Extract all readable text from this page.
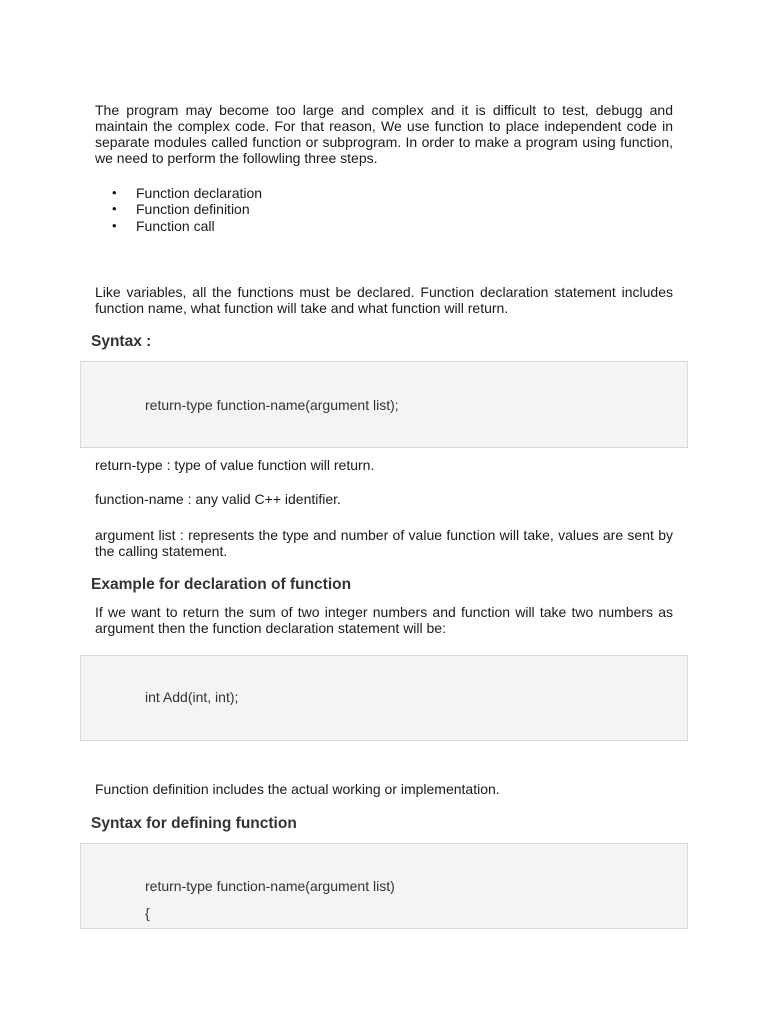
The program may become too large and complex and it is difficult to test, debugg and maintain the complex code. For that reason, We use function to place independent code in separate modules called function or subprogram. In order to make a program using function, we need to perform the followling three steps.

• Function declaration
• Function definition
• Function call

Like variables, all the functions must be declared. Function declaration statement includes function name, what function will take and what function will return.

Syntax :
return-type function-name(argument list);

return-type : type of value function will return.

function-name : any valid C++ identifier.

argument list : represents the type and number of value function will take, values are sent by the calling statement.

Example for declaration of function

If we want to return the sum of two integer numbers and function will take two numbers as argument then the function declaration statement will be:

int Add(int, int);

Function definition includes the actual working or implementation.

Syntax for defining function
return-type function-name(argument list)
{
